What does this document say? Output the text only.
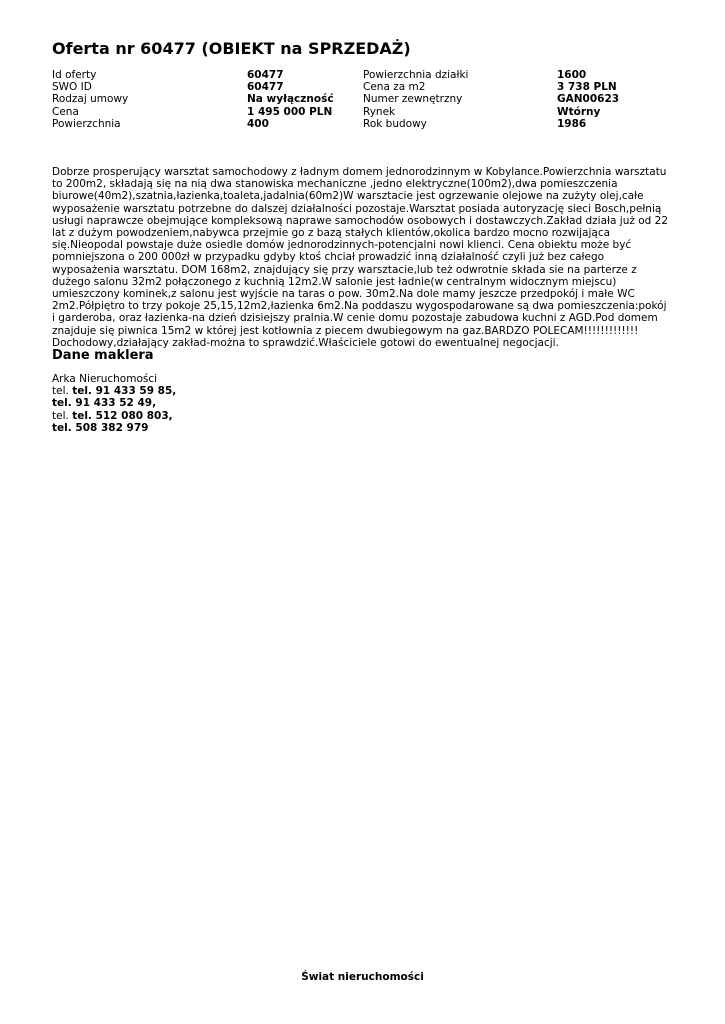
Oferta nr 60477 (OBIEKT na SPRZEDAŻ)
Id oferty	60477	Powierzchnia działki	1600
SWO ID	60477	Cena za m2	3 738 PLN
Rodzaj umowy	Na wyłączność	Numer zewnętrzny	GAN00623
Cena	1 495 000 PLN	Rynek	Wtórny
Powierzchnia	400	Rok budowy	1986

Dobrze prosperujący warsztat samochodowy z ładnym domem jednorodzinnym w Kobylance.Powierzchnia warsztatu to 200m2, składają się na nią dwa stanowiska mechaniczne ,jedno elektryczne(100m2),dwa pomieszczenia biurowe(40m2),szatnia,łazienka,toaleta,jadalnia(60m2)W warsztacie jest ogrzewanie olejowe na zużyty olej,całe wyposażenie warsztatu potrzebne do dalszej działalności pozostaje.Warsztat posiada autoryzację sieci Bosch,pełnią usługi naprawcze obejmujące kompleksową naprawe samochodów osobowych i dostawczych.Zakład działa już od 22 lat z dużym powodzeniem,nabywca przejmie go z bazą stałych klientów,okolica bardzo mocno rozwijająca się.Nieopodal powstaje duże osiedle domów jednorodzinnych-potencjalni nowi klienci. Cena obiektu może być pomniejszona o 200 000zł w przypadku gdyby ktoś chciał prowadzić inną działalność czyli już bez całego wyposażenia warsztatu. DOM 168m2, znajdujący się przy warsztacie,lub też odwrotnie składa sie na parterze z dużego salonu 32m2 połączonego z kuchnią 12m2.W salonie jest ładnie(w centralnym widocznym miejscu) umieszczony kominek,z salonu jest wyjście na taras o pow. 30m2.Na dole mamy jeszcze przedpokój i małe WC 2m2.Półpiętro to trzy pokoje 25,15,12m2,łazienka 6m2.Na poddaszu wygospodarowane są dwa pomieszczenia:pokój i garderoba, oraz łazienka-na dzień dzisiejszy pralnia.W cenie domu pozostaje zabudowa kuchni z AGD.Pod domem znajduje się piwnica 15m2 w której jest kotłownia z piecem dwubiegowym na gaz.BARDZO POLECAM!!!!!!!!!!!!! Dochodowy,działający zakład-można to sprawdzić.Właściciele gotowi do ewentualnej negocjacji.

Dane maklera
Arka Nieruchomości
tel. tel. 91 433 59 85,
tel. 91 433 52 49,
tel. tel. 512 080 803,
tel. 508 382 979
Świat nieruchomości
